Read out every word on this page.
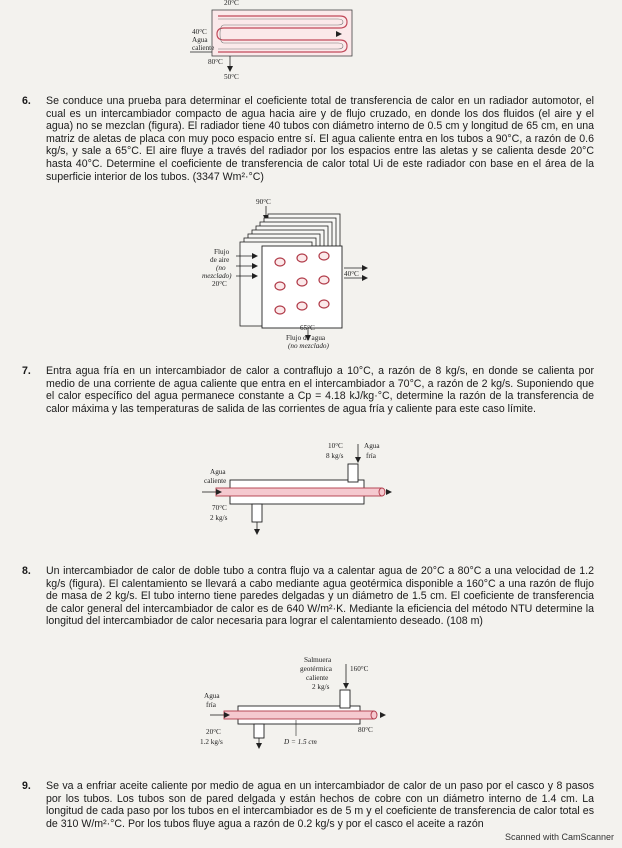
20°C
40°C
Agua
caliente
80°C
50°C
6. Se conduce una prueba para determinar el coeficiente total de transferencia de calor en un radiador automotor, el cual es un intercambiador compacto de agua hacia aire y de flujo cruzado, en donde los dos fluidos (el aire y el agua) no se mezclan (figura). El radiador tiene 40 tubos con diámetro interno de 0.5 cm y longitud de 65 cm, en una matriz de aletas de placa con muy poco espacio entre sí. El agua caliente entra en los tubos a 90°C, a razón de 0.6 kg/s, y sale a 65°C. El aire fluye a través del radiador por los espacios entre las aletas y se calienta desde 20°C hasta 40°C. Determine el coeficiente de transferencia de calor total Ui de este radiador con base en el área de la superficie interior de los tubos. (3347 Wm²·°C)
90°C
Flujo
de aire
(no
mezclado)
20°C
40°C
65°C
Flujo de agua
(no mezclado)
7. Entra agua fría en un intercambiador de calor a contraflujo a 10°C, a razón de 8 kg/s, en donde se calienta por medio de una corriente de agua caliente que entra en el intercambiador a 70°C, a razón de 2 kg/s. Suponiendo que el calor específico del agua permanece constante a Cp = 4.18 kJ/kg·°C, determine la razón de la transferencia de calor máxima y las temperaturas de salida de las corrientes de agua fría y caliente para este caso límite.
10°C
8 kg/s
Agua
fría
Agua
caliente
70°C
2 kg/s
8. Un intercambiador de calor de doble tubo a contra flujo va a calentar agua de 20°C a 80°C a una velocidad de 1.2 kg/s (figura). El calentamiento se llevará a cabo mediante agua geotérmica disponible a 160°C a una razón de flujo de masa de 2 kg/s. El tubo interno tiene paredes delgadas y un diámetro de 1.5 cm. El coeficiente de transferencia de calor general del intercambiador de calor es de 640 W/m²·K. Mediante la eficiencia del método NTU determine la longitud del intercambiador de calor necesaria para lograr el calentamiento deseado. (108 m)
Salmuera
geotérmica
caliente
160°C
2 kg/s
Agua
fría
20°C
1.2 kg/s	D = 1.5 cm
80°C
9. Se va a enfriar aceite caliente por medio de agua en un intercambiador de calor de un paso por el casco y 8 pasos por los tubos. Los tubos son de pared delgada y están hechos de cobre con un diámetro interno de 1.4 cm. La longitud de cada paso por los tubos en el intercambiador es de 5 m y el coeficiente de transferencia de calor total es de 310 W/m²·°C. Por los tubos fluye agua a razón de 0.2 kg/s y por el casco el aceite a razón
Scanned with CamScanner
